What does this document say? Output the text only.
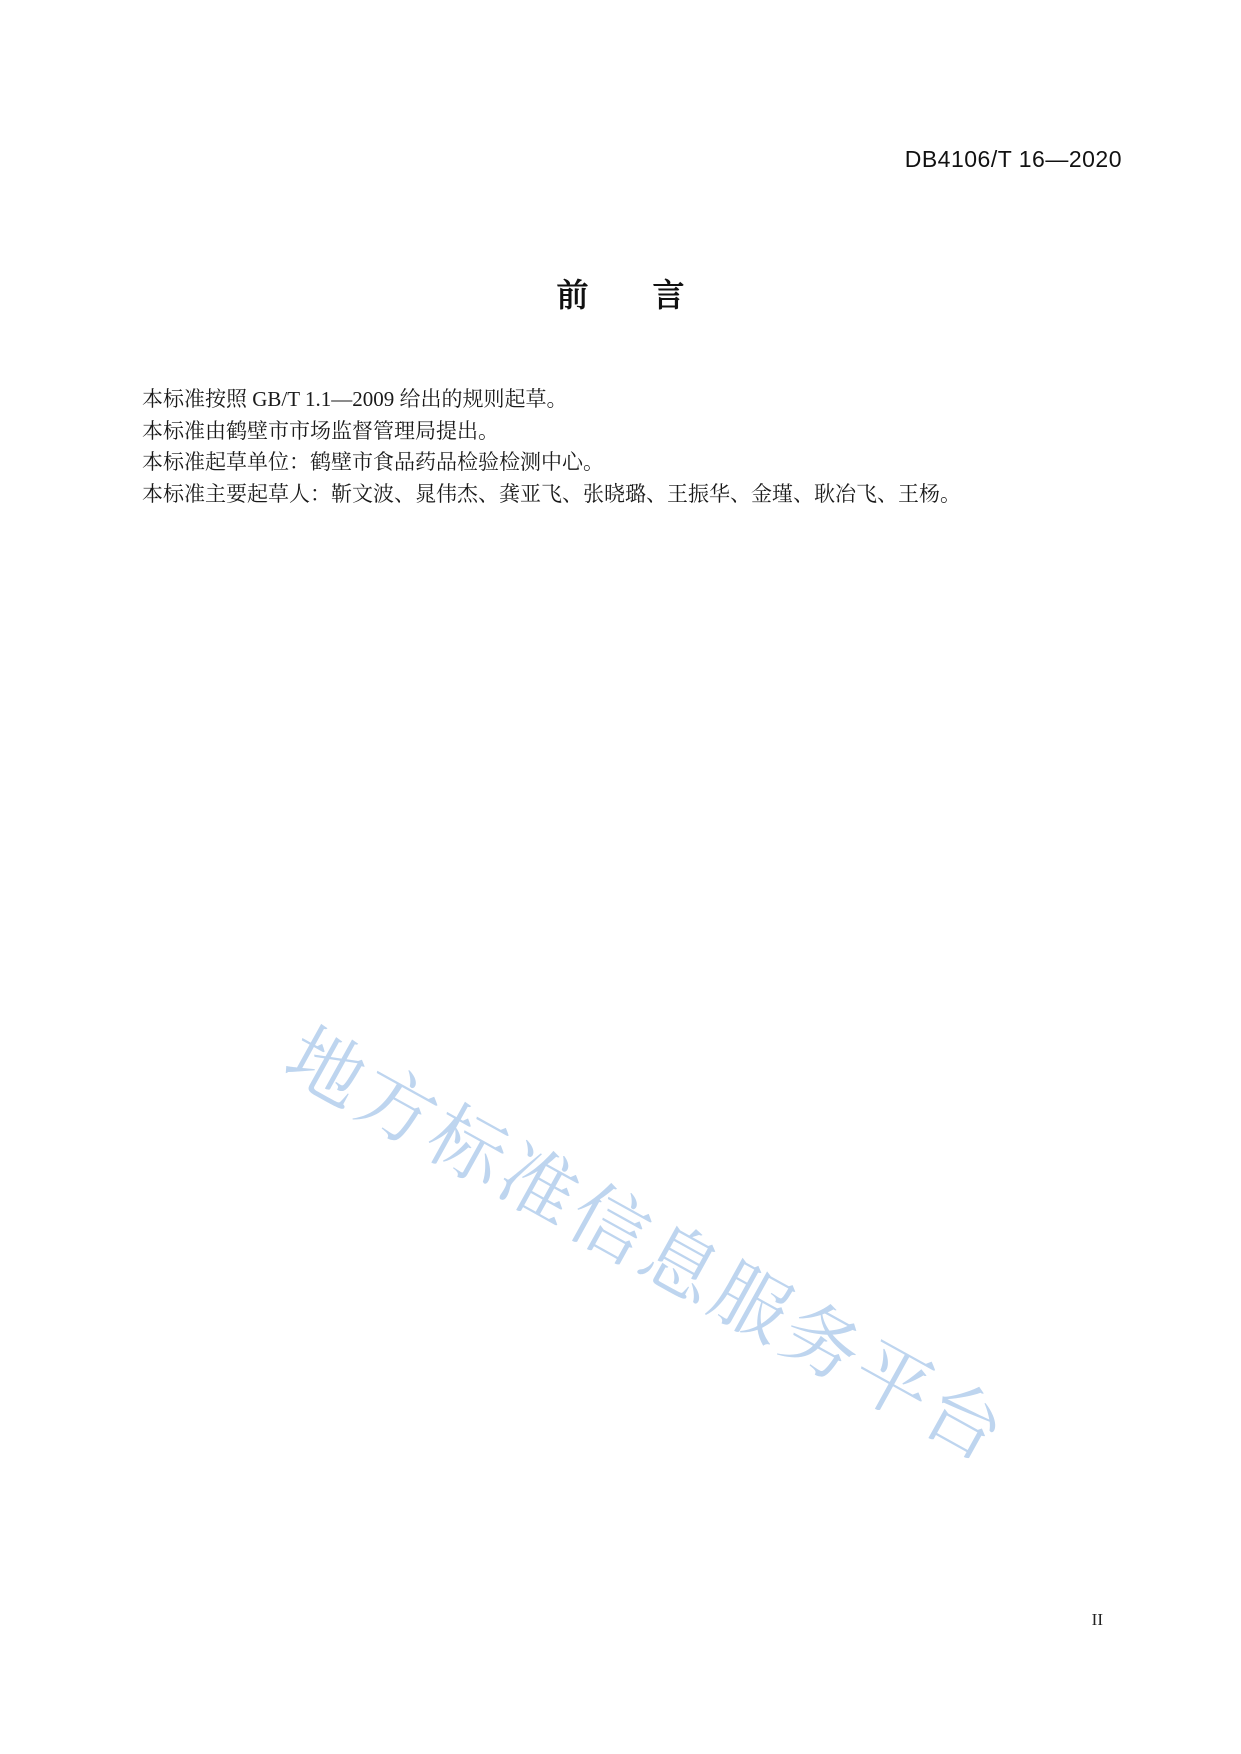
DB4106/T 16—2020
前　　言

本标准按照 GB/T 1.1—2009 给出的规则起草。

本标准由鹤壁市市场监督管理局提出。

本标准起草单位：鹤壁市食品药品检验检测中心。

本标准主要起草人：靳文波、晁伟杰、龚亚飞、张晓璐、王振华、金瑾、耿冶飞、王杨。

地方标准信息服务平台
II
